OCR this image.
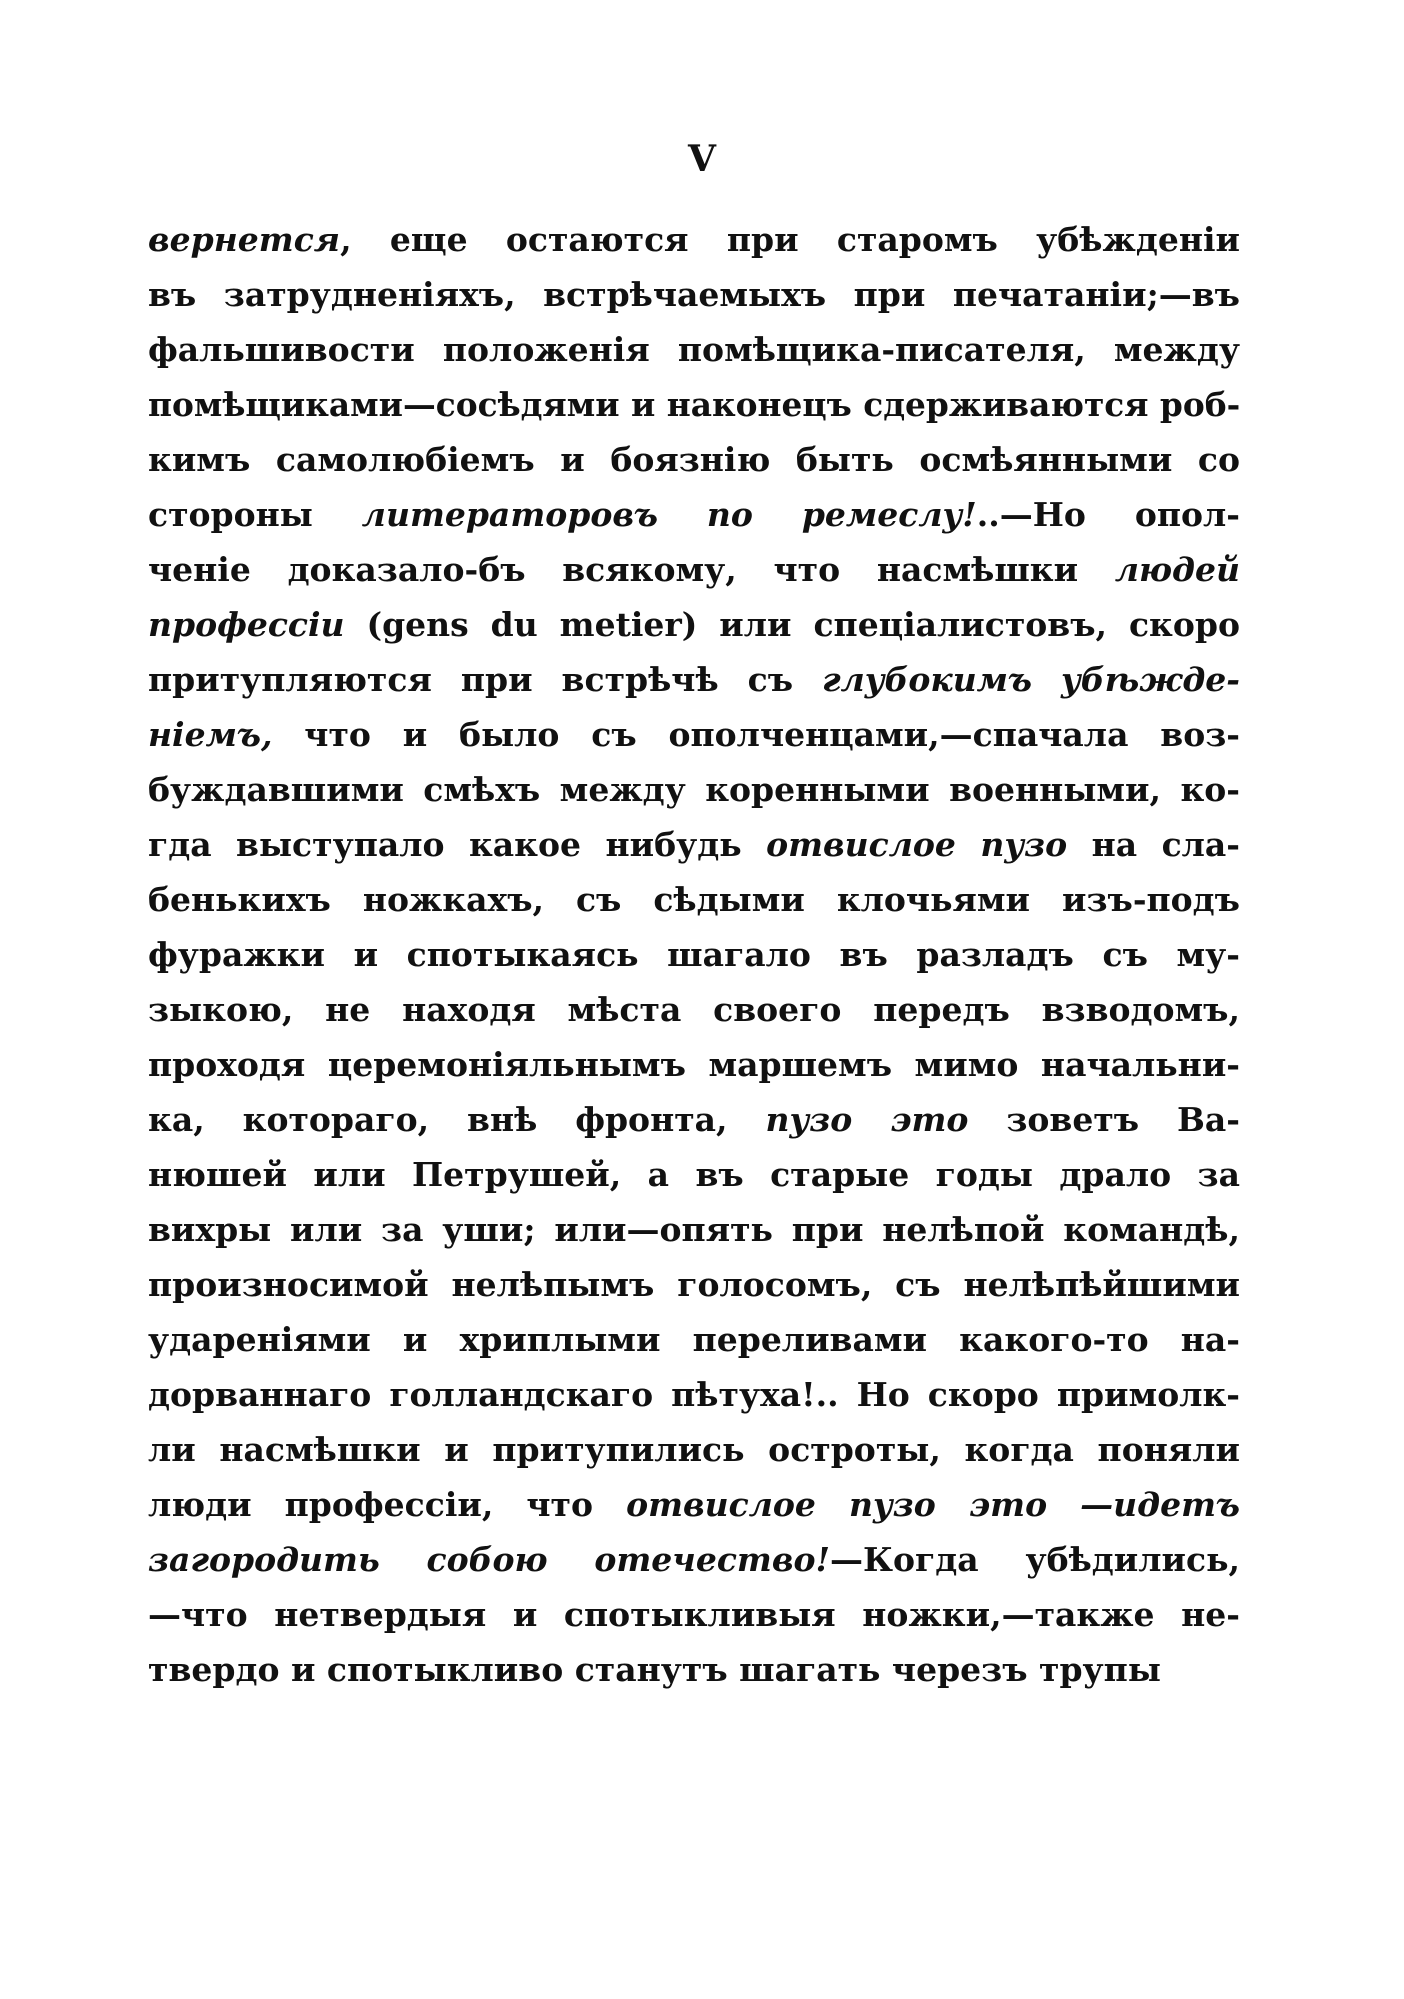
V
вернется, еще остаются при старомъ убѣжденіи
въ затрудненіяхъ, встрѣчаемыхъ при печатаніи;—въ
фальшивости положенія помѣщика-писателя, между
помѣщиками—сосѣдями и наконецъ сдерживаются роб-
кимъ самолюбіемъ и боязнію быть осмѣянными со
стороны литераторовъ по ремеслу!..—Но опол-
ченіе доказало-бъ всякому, что насмѣшки людей
профессіи (gens du metier) или спеціалистовъ, скоро
притупляются при встрѣчѣ съ глубокимъ убѣжде-
ніемъ, что и было съ ополченцами,—спачала воз-
буждавшими смѣхъ между коренными военными, ко-
гда выступало какое нибудь отвислое пузо на сла-
бенькихъ ножкахъ, съ сѣдыми клочьями изъ-подъ
фуражки и спотыкаясь шагало въ разладъ съ му-
зыкою, не находя мѣста своего передъ взводомъ,
проходя церемоніяльнымъ маршемъ мимо начальни-
ка, котораго, внѣ фронта, пузо это зоветъ Ва-
нюшей или Петрушей, а въ старые годы драло за
вихры или за уши; или—опять при нелѣпой командѣ,
произносимой нелѣпымъ голосомъ, съ нелѣпѣйшими
удареніями и хриплыми переливами какого-то на-
дорваннаго голландскаго пѣтуха!.. Но скоро примолк-
ли насмѣшки и притупились остроты, когда поняли
люди профессіи, что отвислое пузо это —идетъ
загородить собою отечество!—Когда убѣдились,
—что нетвердыя и спотыкливыя ножки,—также не-
твердо и спотыкливо станутъ шагать черезъ трупы
